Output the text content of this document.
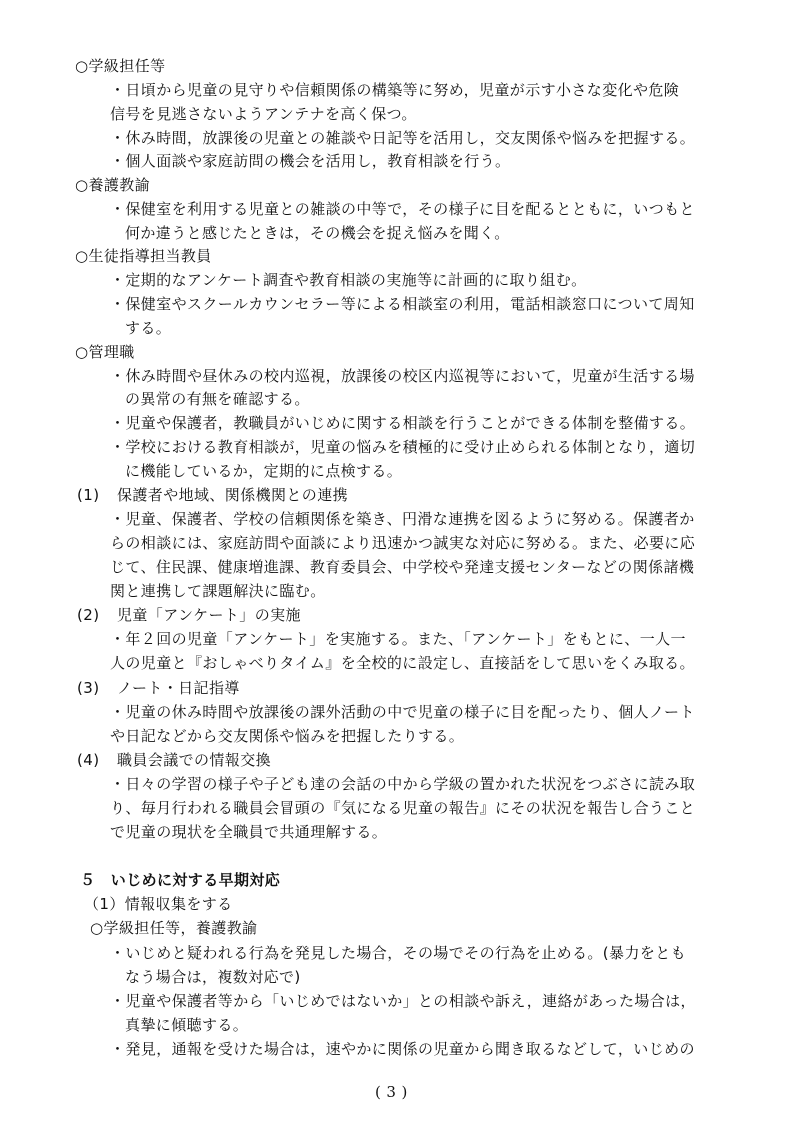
○学級担任等
・日頃から児童の見守りや信頼関係の構築等に努め，児童が示す小さな変化や危険
信号を見逃さないようアンテナを高く保つ。
・休み時間，放課後の児童との雑談や日記等を活用し，交友関係や悩みを把握する。
・個人面談や家庭訪問の機会を活用し，教育相談を行う。
○養護教諭
・保健室を利用する児童との雑談の中等で，その様子に目を配るとともに，いつもと
何か違うと感じたときは，その機会を捉え悩みを聞く。
○生徒指導担当教員
・定期的なアンケート調査や教育相談の実施等に計画的に取り組む。
・保健室やスクールカウンセラー等による相談室の利用，電話相談窓口について周知
する。
○管理職
・休み時間や昼休みの校内巡視，放課後の校区内巡視等において，児童が生活する場
の異常の有無を確認する。
・児童や保護者，教職員がいじめに関する相談を行うことができる体制を整備する。
・学校における教育相談が，児童の悩みを積極的に受け止められる体制となり，適切
に機能しているか，定期的に点検する。
(1) 保護者や地域、関係機関との連携
・児童、保護者、学校の信頼関係を築き、円滑な連携を図るように努める。保護者か
らの相談には、家庭訪問や面談により迅速かつ誠実な対応に努める。また、必要に応
じて、住民課、健康増進課、教育委員会、中学校や発達支援センターなどの関係諸機
関と連携して課題解決に臨む。
(2) 児童「アンケート」の実施
・年２回の児童「アンケート」を実施する。また、「アンケート」をもとに、一人一
人の児童と『おしゃべりタイム』を全校的に設定し、直接話をして思いをくみ取る。
(3) ノート・日記指導
・児童の休み時間や放課後の課外活動の中で児童の様子に目を配ったり、個人ノート
や日記などから交友関係や悩みを把握したりする。
(4) 職員会議での情報交換
・日々の学習の様子や子ども達の会話の中から学級の置かれた状況をつぶさに読み取
り、毎月行われる職員会冒頭の『気になる児童の報告』にその状況を報告し合うこと
で児童の現状を全職員で共通理解する。
５　いじめに対する早期対応
（1）情報収集をする
○学級担任等，養護教諭
・いじめと疑われる行為を発見した場合，その場でその行為を止める。(暴力をとも
なう場合は，複数対応で)
・児童や保護者等から「いじめではないか」との相談や訴え，連絡があった場合は，
真摯に傾聴する。
・発見，通報を受けた場合は，速やかに関係の児童から聞き取るなどして，いじめの
( 3 )
